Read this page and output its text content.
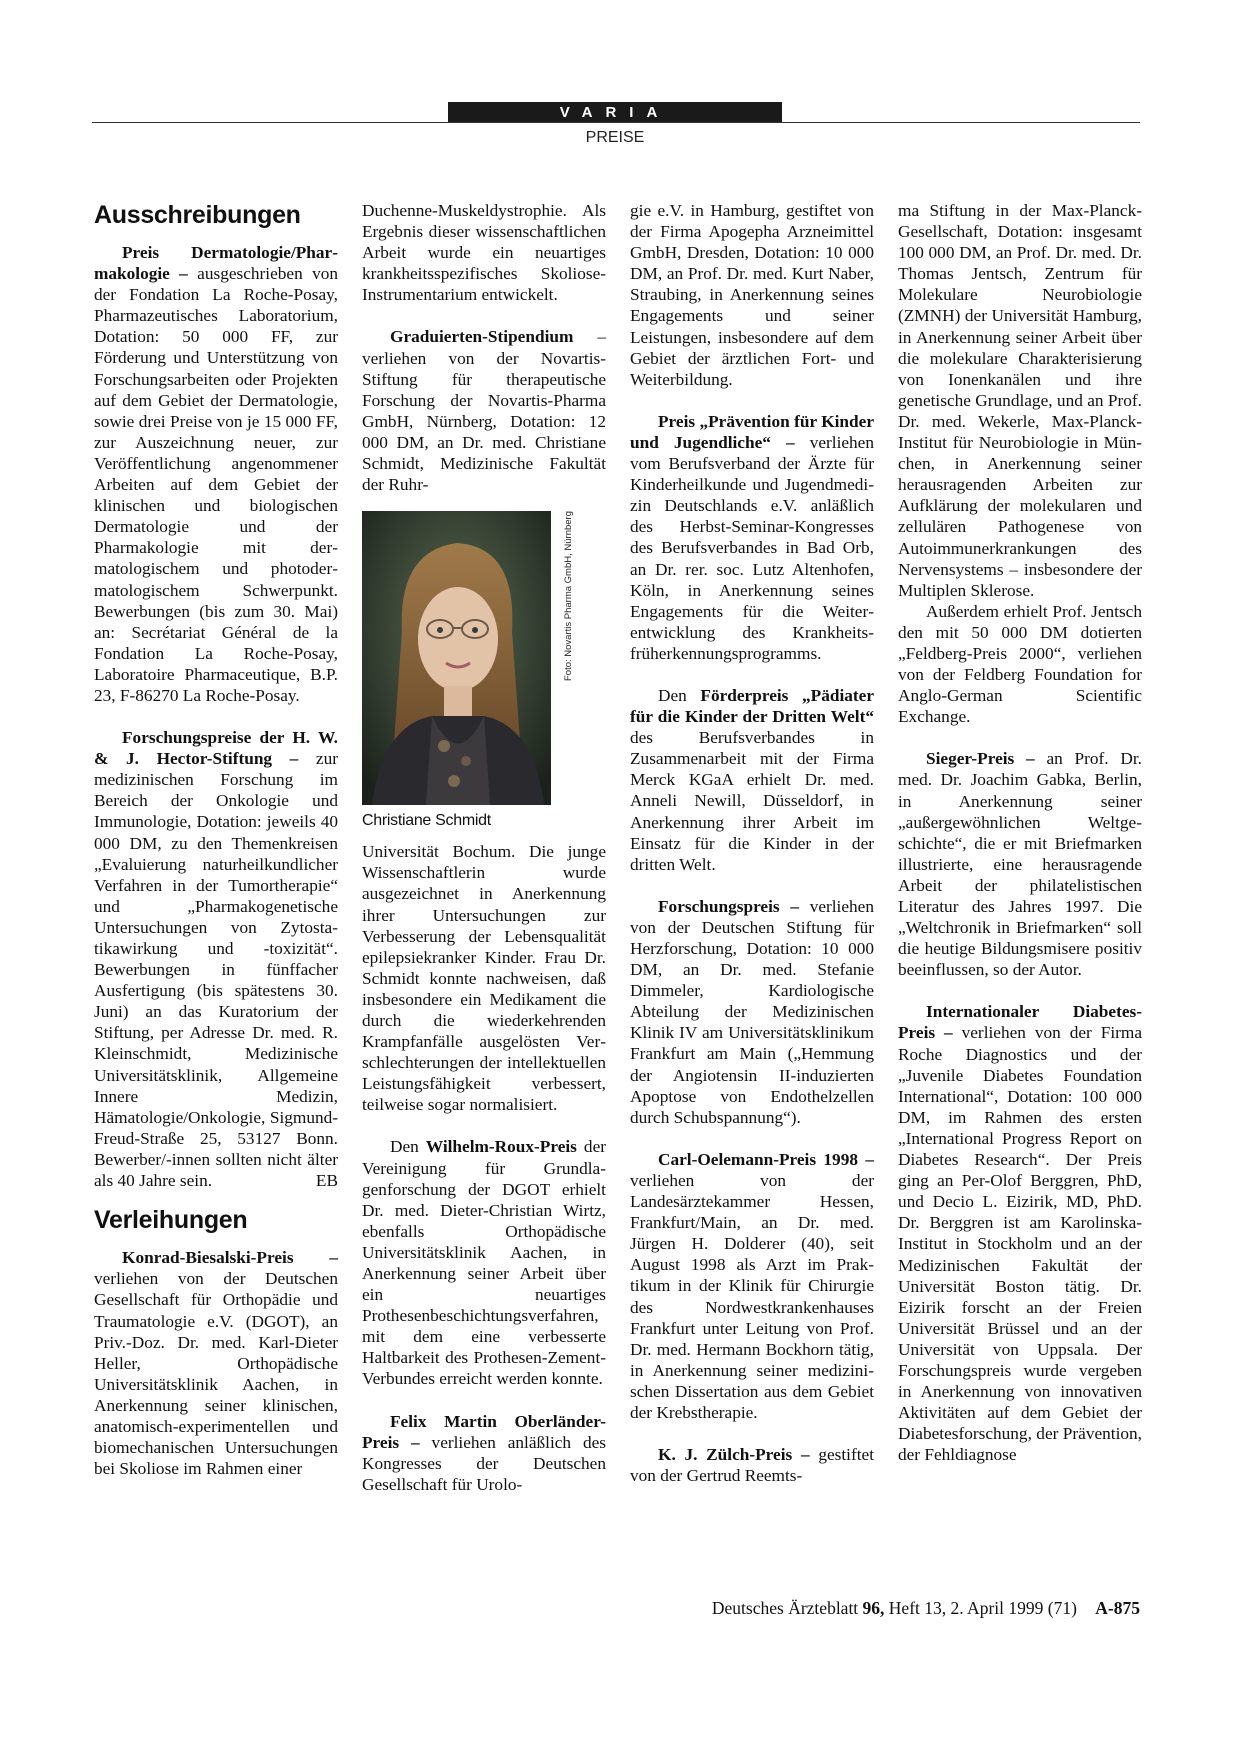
VARIA
PREISE
Ausschreibungen

Preis Dermatologie/Pharmakologie – ausgeschrieben von der Fondation La Roche-Posay, Pharmazeutisches Laboratorium, Dotation: 50 000 FF, zur Förderung und Unterstützung von Forschungsarbeiten oder Projekten auf dem Gebiet der Dermatologie, sowie drei Preise von je 15 000 FF, zur Auszeichnung neuer, zur Veröffentlichung angenommener Arbeiten auf dem Gebiet der klinischen und biologischen Dermatologie und der Pharmakologie mit dermatologischem und photodermatologischem Schwerpunkt. Bewerbungen (bis zum 30. Mai) an: Secrétariat Général de la Fondation La Roche-Posay, Laboratoire Pharmaceutique, B.P. 23, F-86270 La Roche-Posay.

Forschungspreise der H. W. & J. Hector-Stiftung – zur medizinischen Forschung im Bereich der Onkologie und Immunologie, Dotation: jeweils 40 000 DM, zu den Themenkreisen „Evaluierung naturheilkundlicher Verfahren in der Tumortherapie“ und „Pharmakogenetische Untersuchungen von Zytostatikawirkung und -toxizität“. Bewerbungen in fünffacher Ausfertigung (bis spätestens 30. Juni) an das Kuratorium der Stiftung, per Adresse Dr. med. R. Kleinschmidt, Medizinische Universitätsklinik, Allgemeine Innere Medizin, Hämatologie/Onkologie, Sigmund-Freud-Straße 25, 53127 Bonn. Bewerber/-innen sollten nicht älter als 40 Jahre sein.	EB
Verleihungen

Konrad-Biesalski-Preis – verliehen von der Deutschen Gesellschaft für Orthopädie und Traumatologie e.V. (DGOT), an Priv.-Doz. Dr. med. Karl-Dieter Heller, Orthopädische Universitätsklinik Aachen, in Anerkennung seiner klinischen, anatomisch-experimentellen und biomechanischen Untersuchungen bei Skoliose im Rahmen einer

Duchenne-Muskeldystrophie. Als Ergebnis dieser wissenschaftlichen Arbeit wurde ein neuartiges krankheitsspezifisches Skoliose-Instrumentarium entwickelt.

Graduierten-Stipendium – verliehen von der Novartis-Stiftung für therapeutische Forschung der Novartis-Pharma GmbH, Nürnberg, Dotation: 12 000 DM, an Dr. med. Christiane Schmidt, Medizinische Fakultät der Ruhr-

Foto: Novartis Pharma GmbH, Nürnberg
Christiane Schmidt

Universität Bochum. Die junge Wissenschaftlerin wurde ausgezeichnet in Anerkennung ihrer Untersuchungen zur Verbesserung der Lebensqualität epilepsiekranker Kinder. Frau Dr. Schmidt konnte nachweisen, daß insbesondere ein Medikament die durch die wiederkehrenden Krampfanfälle ausgelösten Verschlechterungen der intellektuellen Leistungsfähigkeit verbessert, teilweise sogar normalisiert.

Den Wilhelm-Roux-Preis der Vereinigung für Grundlagenforschung der DGOT erhielt Dr. med. Dieter-Christian Wirtz, ebenfalls Orthopädische Universitätsklinik Aachen, in Anerkennung seiner Arbeit über ein neuartiges Prothesenbeschichtungsverfahren, mit dem eine verbesserte Haltbarkeit des Prothesen-Zement-Verbundes erreicht werden konnte.

Felix Martin Oberländer-Preis – verliehen anläßlich des Kongresses der Deutschen Gesellschaft für Urolo-

gie e.V. in Hamburg, gestiftet von der Firma Apogepha Arzneimittel GmbH, Dresden, Dotation: 10 000 DM, an Prof. Dr. med. Kurt Naber, Straubing, in Anerkennung seines Engagements und seiner Leistungen, insbesondere auf dem Gebiet der ärztlichen Fort- und Weiterbildung.

Preis „Prävention für Kinder und Jugendliche“ – verliehen vom Berufsverband der Ärzte für Kinderheilkunde und Jugendmedizin Deutschlands e.V. anläßlich des Herbst-Seminar-Kongresses des Berufsverbandes in Bad Orb, an Dr. rer. soc. Lutz Altenhofen, Köln, in Anerkennung seines Engagements für die Weiterentwicklung des Krankheitsfrüherkennungsprogramms.

Den Förderpreis „Pädiater für die Kinder der Dritten Welt“ des Berufsverbandes in Zusammenarbeit mit der Firma Merck KGaA erhielt Dr. med. Anneli Newill, Düsseldorf, in Anerkennung ihrer Arbeit im Einsatz für die Kinder in der dritten Welt.

Forschungspreis – verliehen von der Deutschen Stiftung für Herzforschung, Dotation: 10 000 DM, an Dr. med. Stefanie Dimmeler, Kardiologische Abteilung der Medizinischen Klinik IV am Universitätsklinikum Frankfurt am Main („Hemmung der Angiotensin II-induzierten Apoptose von Endothelzellen durch Schubspannung“).

Carl-Oelemann-Preis 1998 – verliehen von der Landesärztekammer Hessen, Frankfurt/Main, an Dr. med. Jürgen H. Dolderer (40), seit August 1998 als Arzt im Praktikum in der Klinik für Chirurgie des Nordwestkrankenhauses Frankfurt unter Leitung von Prof. Dr. med. Hermann Bockhorn tätig, in Anerkennung seiner medizinischen Dissertation aus dem Gebiet der Krebstherapie.

K. J. Zülch-Preis – gestiftet von der Gertrud Reemts-

ma Stiftung in der Max-Planck-Gesellschaft, Dotation: insgesamt 100 000 DM, an Prof. Dr. med. Dr. Thomas Jentsch, Zentrum für Molekulare Neurobiologie (ZMNH) der Universität Hamburg, in Anerkennung seiner Arbeit über die molekulare Charakterisierung von Ionenkanälen und ihre genetische Grundlage, und an Prof. Dr. med. Wekerle, Max-Planck-Institut für Neurobiologie in München, in Anerkennung seiner herausragenden Arbeiten zur Aufklärung der molekularen und zellulären Pathogenese von Autoimmunerkrankungen des Nervensystems – insbesondere der Multiplen Sklerose.

Außerdem erhielt Prof. Jentsch den mit 50 000 DM dotierten „Feldberg-Preis 2000“, verliehen von der Feldberg Foundation for Anglo-German Scientific Exchange.

Sieger-Preis – an Prof. Dr. med. Dr. Joachim Gabka, Berlin, in Anerkennung seiner „außergewöhnlichen Weltgeschichte“, die er mit Briefmarken illustrierte, eine herausragende Arbeit der philatelistischen Literatur des Jahres 1997. Die „Weltchronik in Briefmarken“ soll die heutige Bildungsmisere positiv beeinflussen, so der Autor.

Internationaler Diabetes-Preis – verliehen von der Firma Roche Diagnostics und der „Juvenile Diabetes Foundation International“, Dotation: 100 000 DM, im Rahmen des ersten „International Progress Report on Diabetes Research“. Der Preis ging an Per-Olof Berggren, PhD, und Decio L. Eizirik, MD, PhD. Dr. Berggren ist am Karolinska-Institut in Stockholm und an der Medizinischen Fakultät der Universität Boston tätig. Dr. Eizirik forscht an der Freien Universität Brüssel und an der Universität von Uppsala. Der Forschungspreis wurde vergeben in Anerkennung von innovativen Aktivitäten auf dem Gebiet der Diabetesforschung, der Prävention, der Fehldiagnose

Deutsches Ärzteblatt 96, Heft 13, 2. April 1999 (71) A-875
